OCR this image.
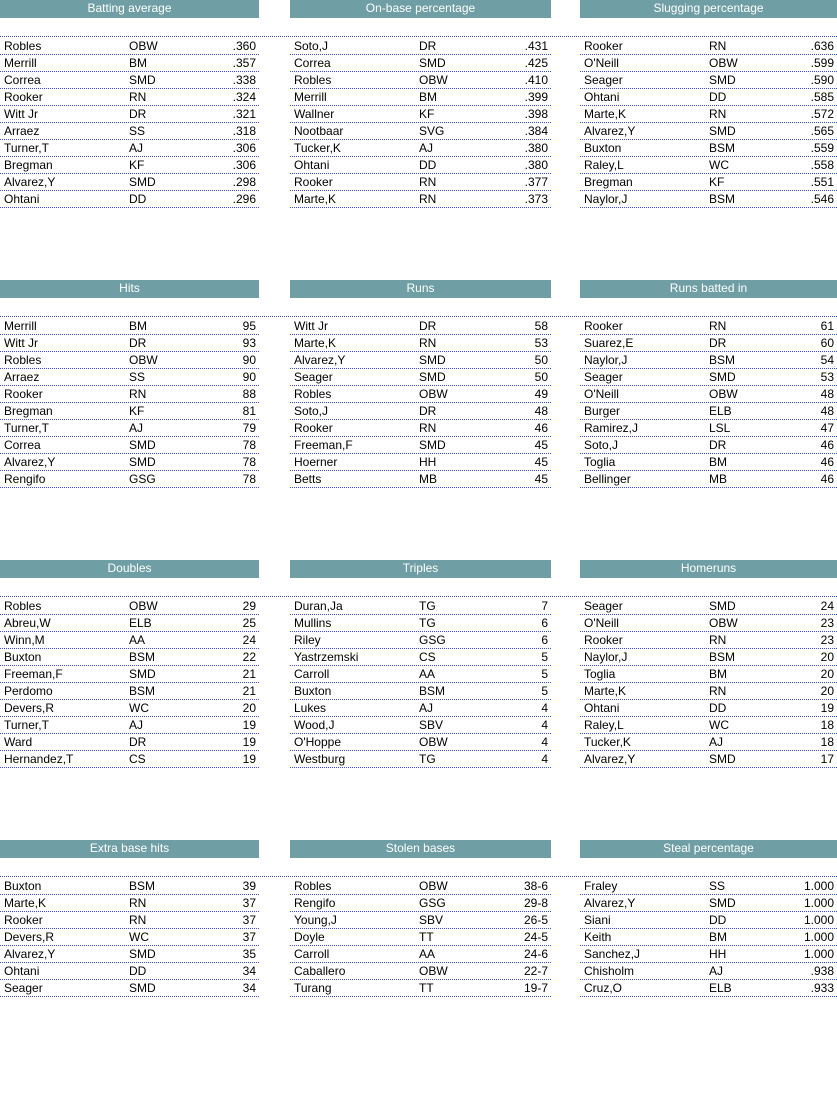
Batting average
Robles	OBW	.360
Merrill	BM	.357
Correa	SMD	.338
Rooker	RN	.324
Witt Jr	DR	.321
Arraez	SS	.318
Turner,T	AJ	.306
Bregman	KF	.306
Alvarez,Y	SMD	.298
Ohtani	DD	.296
On-base percentage
Soto,J	DR	.431
Correa	SMD	.425
Robles	OBW	.410
Merrill	BM	.399
Wallner	KF	.398
Nootbaar	SVG	.384
Tucker,K	AJ	.380
Ohtani	DD	.380
Rooker	RN	.377
Marte,K	RN	.373
Slugging percentage
Rooker	RN	.636
O'Neill	OBW	.599
Seager	SMD	.590
Ohtani	DD	.585
Marte,K	RN	.572
Alvarez,Y	SMD	.565
Buxton	BSM	.559
Raley,L	WC	.558
Bregman	KF	.551
Naylor,J	BSM	.546
Hits
Merrill	BM	95
Witt Jr	DR	93
Robles	OBW	90
Arraez	SS	90
Rooker	RN	88
Bregman	KF	81
Turner,T	AJ	79
Correa	SMD	78
Alvarez,Y	SMD	78
Rengifo	GSG	78
Runs
Witt Jr	DR	58
Marte,K	RN	53
Alvarez,Y	SMD	50
Seager	SMD	50
Robles	OBW	49
Soto,J	DR	48
Rooker	RN	46
Freeman,F	SMD	45
Hoerner	HH	45
Betts	MB	45
Runs batted in
Rooker	RN	61
Suarez,E	DR	60
Naylor,J	BSM	54
Seager	SMD	53
O'Neill	OBW	48
Burger	ELB	48
Ramirez,J	LSL	47
Soto,J	DR	46
Toglia	BM	46
Bellinger	MB	46
Doubles
Robles	OBW	29
Abreu,W	ELB	25
Winn,M	AA	24
Buxton	BSM	22
Freeman,F	SMD	21
Perdomo	BSM	21
Devers,R	WC	20
Turner,T	AJ	19
Ward	DR	19
Hernandez,T	CS	19
Triples
Duran,Ja	TG	7
Mullins	TG	6
Riley	GSG	6
Yastrzemski	CS	5
Carroll	AA	5
Buxton	BSM	5
Lukes	AJ	4
Wood,J	SBV	4
O'Hoppe	OBW	4
Westburg	TG	4
Homeruns
Seager	SMD	24
O'Neill	OBW	23
Rooker	RN	23
Naylor,J	BSM	20
Toglia	BM	20
Marte,K	RN	20
Ohtani	DD	19
Raley,L	WC	18
Tucker,K	AJ	18
Alvarez,Y	SMD	17
Extra base hits
Buxton	BSM	39
Marte,K	RN	37
Rooker	RN	37
Devers,R	WC	37
Alvarez,Y	SMD	35
Ohtani	DD	34
Seager	SMD	34
Stolen bases
Robles	OBW	38-6
Rengifo	GSG	29-8
Young,J	SBV	26-5
Doyle	TT	24-5
Carroll	AA	24-6
Caballero	OBW	22-7
Turang	TT	19-7
Steal percentage
Fraley	SS	1.000
Alvarez,Y	SMD	1.000
Siani	DD	1.000
Keith	BM	1.000
Sanchez,J	HH	1.000
Chisholm	AJ	.938
Cruz,O	ELB	.933
